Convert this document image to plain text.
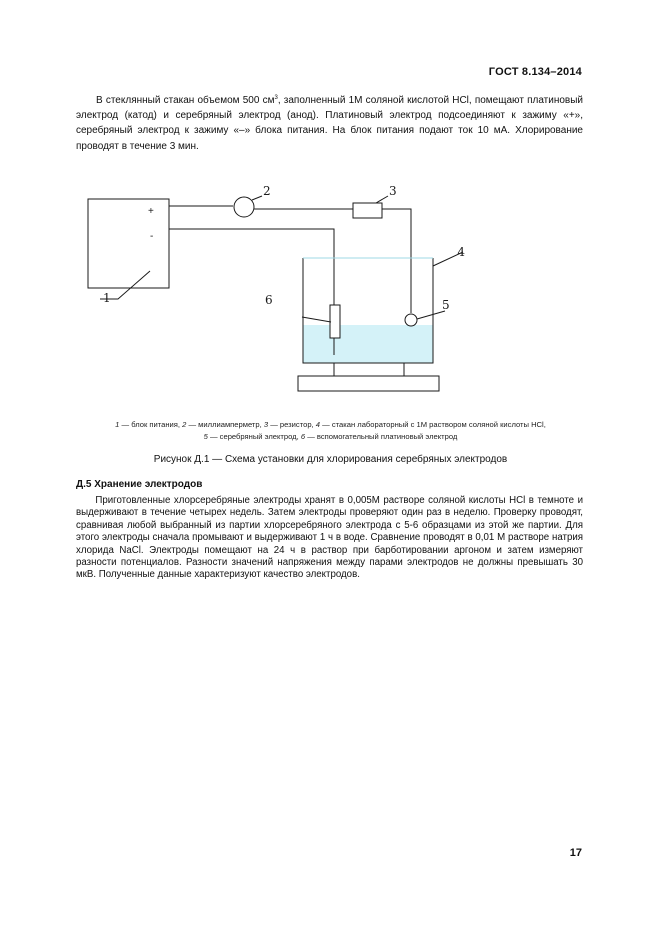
ГОСТ 8.134–2014

  В стеклянный стакан объемом 500 $см^3$, заполненный 1М соляной кислотой HCl, помещают платиновый электрод (катод) и серебряный электрод (анод). Платиновый электрод подсоединяют к зажиму «+», серебряный электрод к зажиму «–» блока питания. На блок питания подают ток 10 мА. Хлорирование проводят в течение 3 мин.

+
-
1
2	3
4
5
6
1 — блок питания, 2 — миллиамперметр, 3 — резистор, 4 — стакан лабораторный с 1М раствором соляной кислоты HCl,
5 — серебряный электрод, 6 — вспомогательный платиновый электрод
Рисунок Д.1 — Схема установки для хлорирования серебряных электродов
Д.5 Хранение электродов

  Приготовленные хлорсеребряные электроды хранят в 0,005М растворе соляной кислоты HCl в темноте и выдерживают в течение четырех недель. Затем электроды проверяют один раз в неделю. Проверку проводят, сравнивая любой выбранный из партии хлорсеребряного электрода с 5-6 образцами из этой же партии. Для этого электроды сначала промывают и выдерживают 1 ч в воде. Сравнение проводят в 0,01 М растворе натрия хлорида NaCl. Электроды помещают на 24 ч в раствор при барботировании аргоном и затем измеряют разности потенциалов. Разности значений напряжения между парами электродов не должны превышать 30 мкВ. Полученные данные характеризуют качество электродов.

17
